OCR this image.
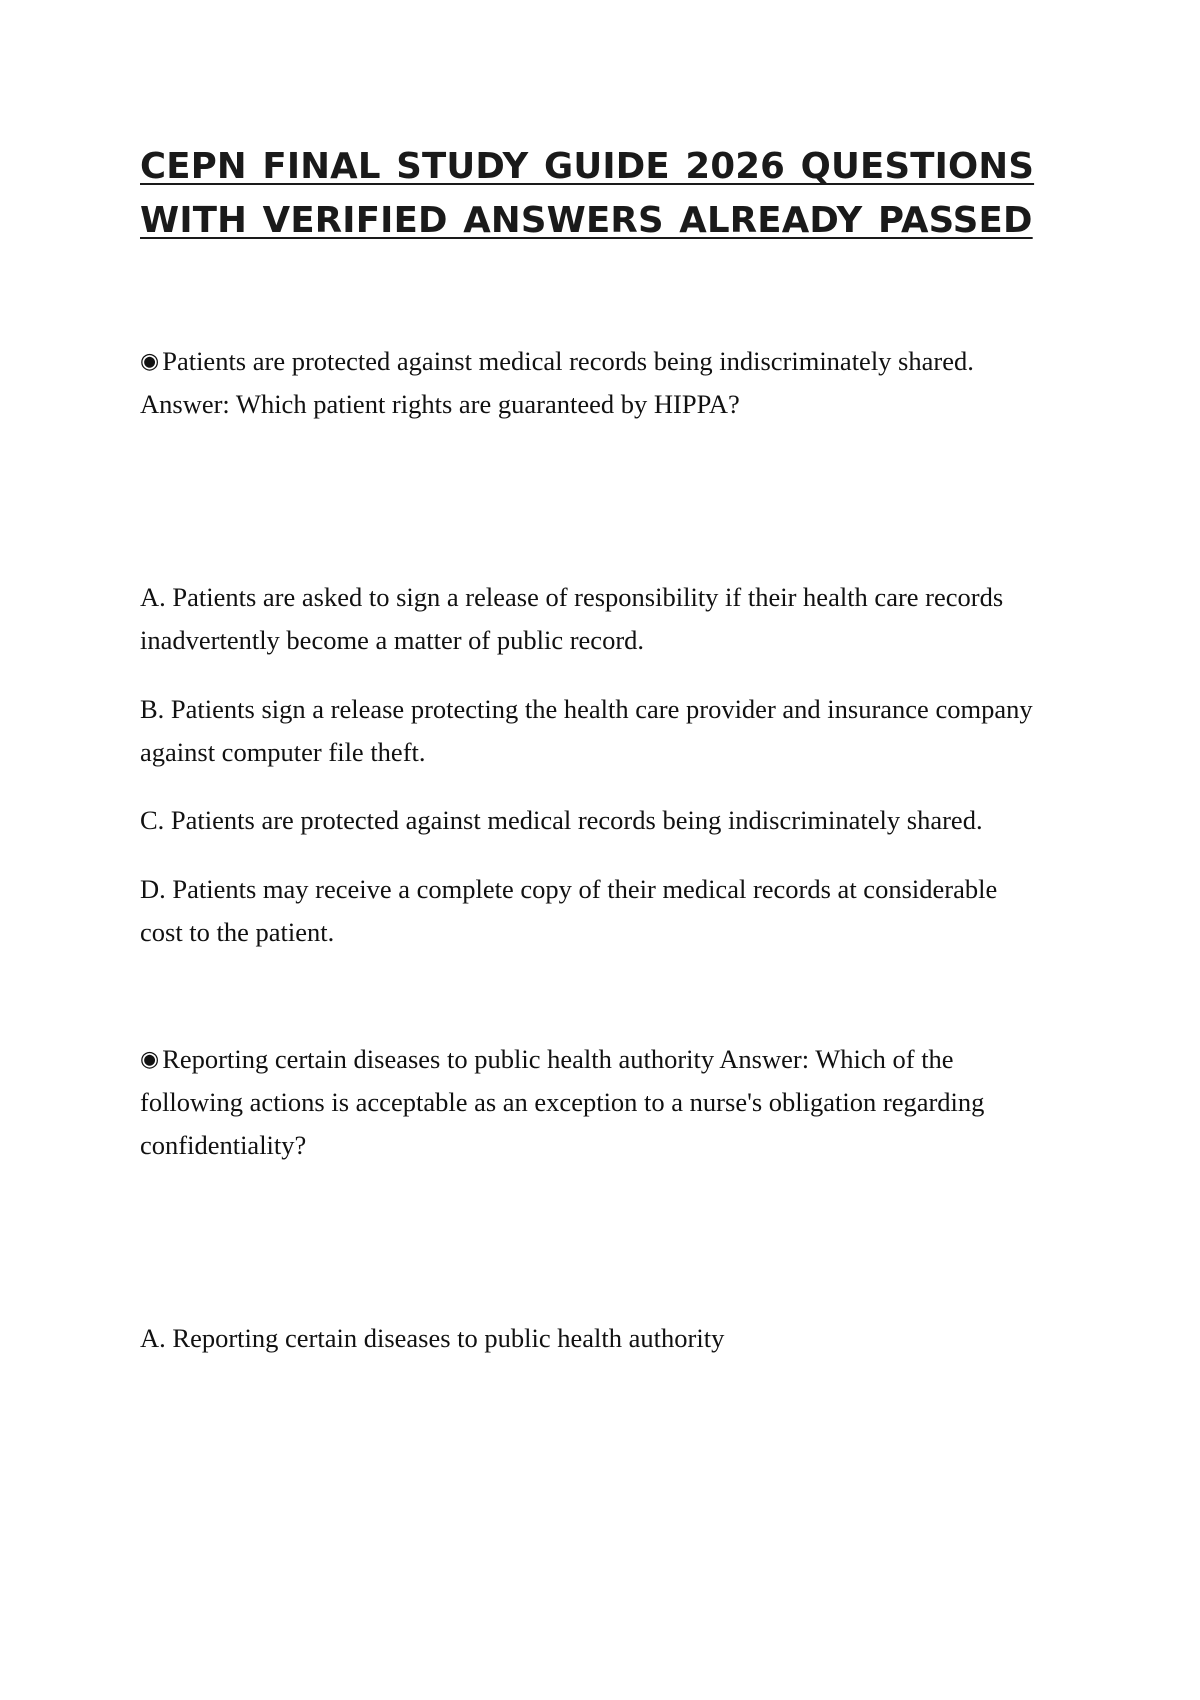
CEPN FINAL STUDY GUIDE 2026 QUESTIONS
WITH VERIFIED ANSWERS ALREADY PASSED

◉ Patients are protected against medical records being indiscriminately shared. Answer: Which patient rights are guaranteed by HIPPA?

A. Patients are asked to sign a release of responsibility if their health care records inadvertently become a matter of public record.

B. Patients sign a release protecting the health care provider and insurance company against computer file theft.

C. Patients are protected against medical records being indiscriminately shared.

D. Patients may receive a complete copy of their medical records at considerable cost to the patient.

◉ Reporting certain diseases to public health authority Answer: Which of the following actions is acceptable as an exception to a nurse's obligation regarding confidentiality?

A. Reporting certain diseases to public health authority
